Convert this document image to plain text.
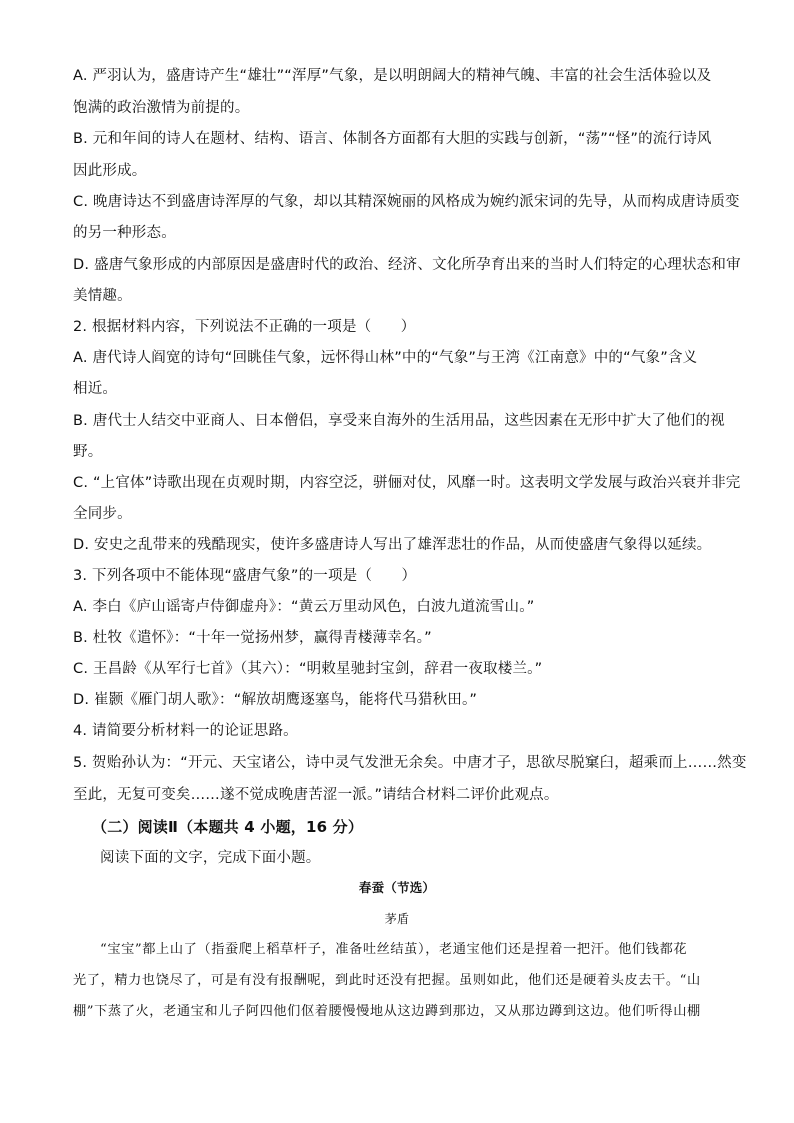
A. 严羽认为，盛唐诗产生“雄壮”“浑厚”气象，是以明朗阔大的精神气魄、丰富的社会生活体验以及
饱满的政治激情为前提的。
B. 元和年间的诗人在题材、结构、语言、体制各方面都有大胆的实践与创新，“荡”“怪”的流行诗风
因此形成。
C. 晚唐诗达不到盛唐诗浑厚的气象，却以其精深婉丽的风格成为婉约派宋词的先导，从而构成唐诗质变
的另一种形态。
D. 盛唐气象形成的内部原因是盛唐时代的政治、经济、文化所孕育出来的当时人们特定的心理状态和审
美情趣。
2. 根据材料内容，下列说法不正确的一项是（　　）
A. 唐代诗人阎宽的诗句“回眺佳气象，远怀得山林”中的“气象”与王湾《江南意》中的“气象”含义
相近。
B. 唐代士人结交中亚商人、日本僧侣，享受来自海外的生活用品，这些因素在无形中扩大了他们的视
野。
C. “上官体”诗歌出现在贞观时期，内容空泛，骈俪对仗，风靡一时。这表明文学发展与政治兴衰并非完
全同步。
D. 安史之乱带来的残酷现实，使许多盛唐诗人写出了雄浑悲壮的作品，从而使盛唐气象得以延续。
3. 下列各项中不能体现“盛唐气象”的一项是（　　）
A. 李白《庐山谣寄卢侍御虚舟》：“黄云万里动风色，白波九道流雪山。”
B. 杜牧《遣怀》：“十年一觉扬州梦，赢得青楼薄幸名。”
C. 王昌龄《从军行七首》（其六）：“明敕星驰封宝剑，辞君一夜取楼兰。”
D. 崔颢《雁门胡人歌》：“解放胡鹰逐塞鸟，能将代马猎秋田。”
4. 请简要分析材料一的论证思路。
5. 贺贻孙认为：“开元、天宝诸公，诗中灵气发泄无余矣。中唐才子，思欲尽脱窠臼，超乘而上……然变
至此，无复可变矣……遂不觉成晚唐苦涩一派。”请结合材料二评价此观点。
（二）阅读Ⅱ（本题共 4 小题，16 分）
阅读下面的文字，完成下面小题。
春蚕（节选）
茅盾
“宝宝”都上山了（指蚕爬上稻草杆子，准备吐丝结茧），老通宝他们还是捏着一把汗。他们钱都花
光了，精力也饶尽了，可是有没有报酬呢，到此时还没有把握。虽则如此，他们还是硬着头皮去干。“山
棚”下蒸了火，老通宝和儿子阿四他们伛着腰慢慢地从这边蹲到那边，又从那边蹲到这边。他们听得山棚
